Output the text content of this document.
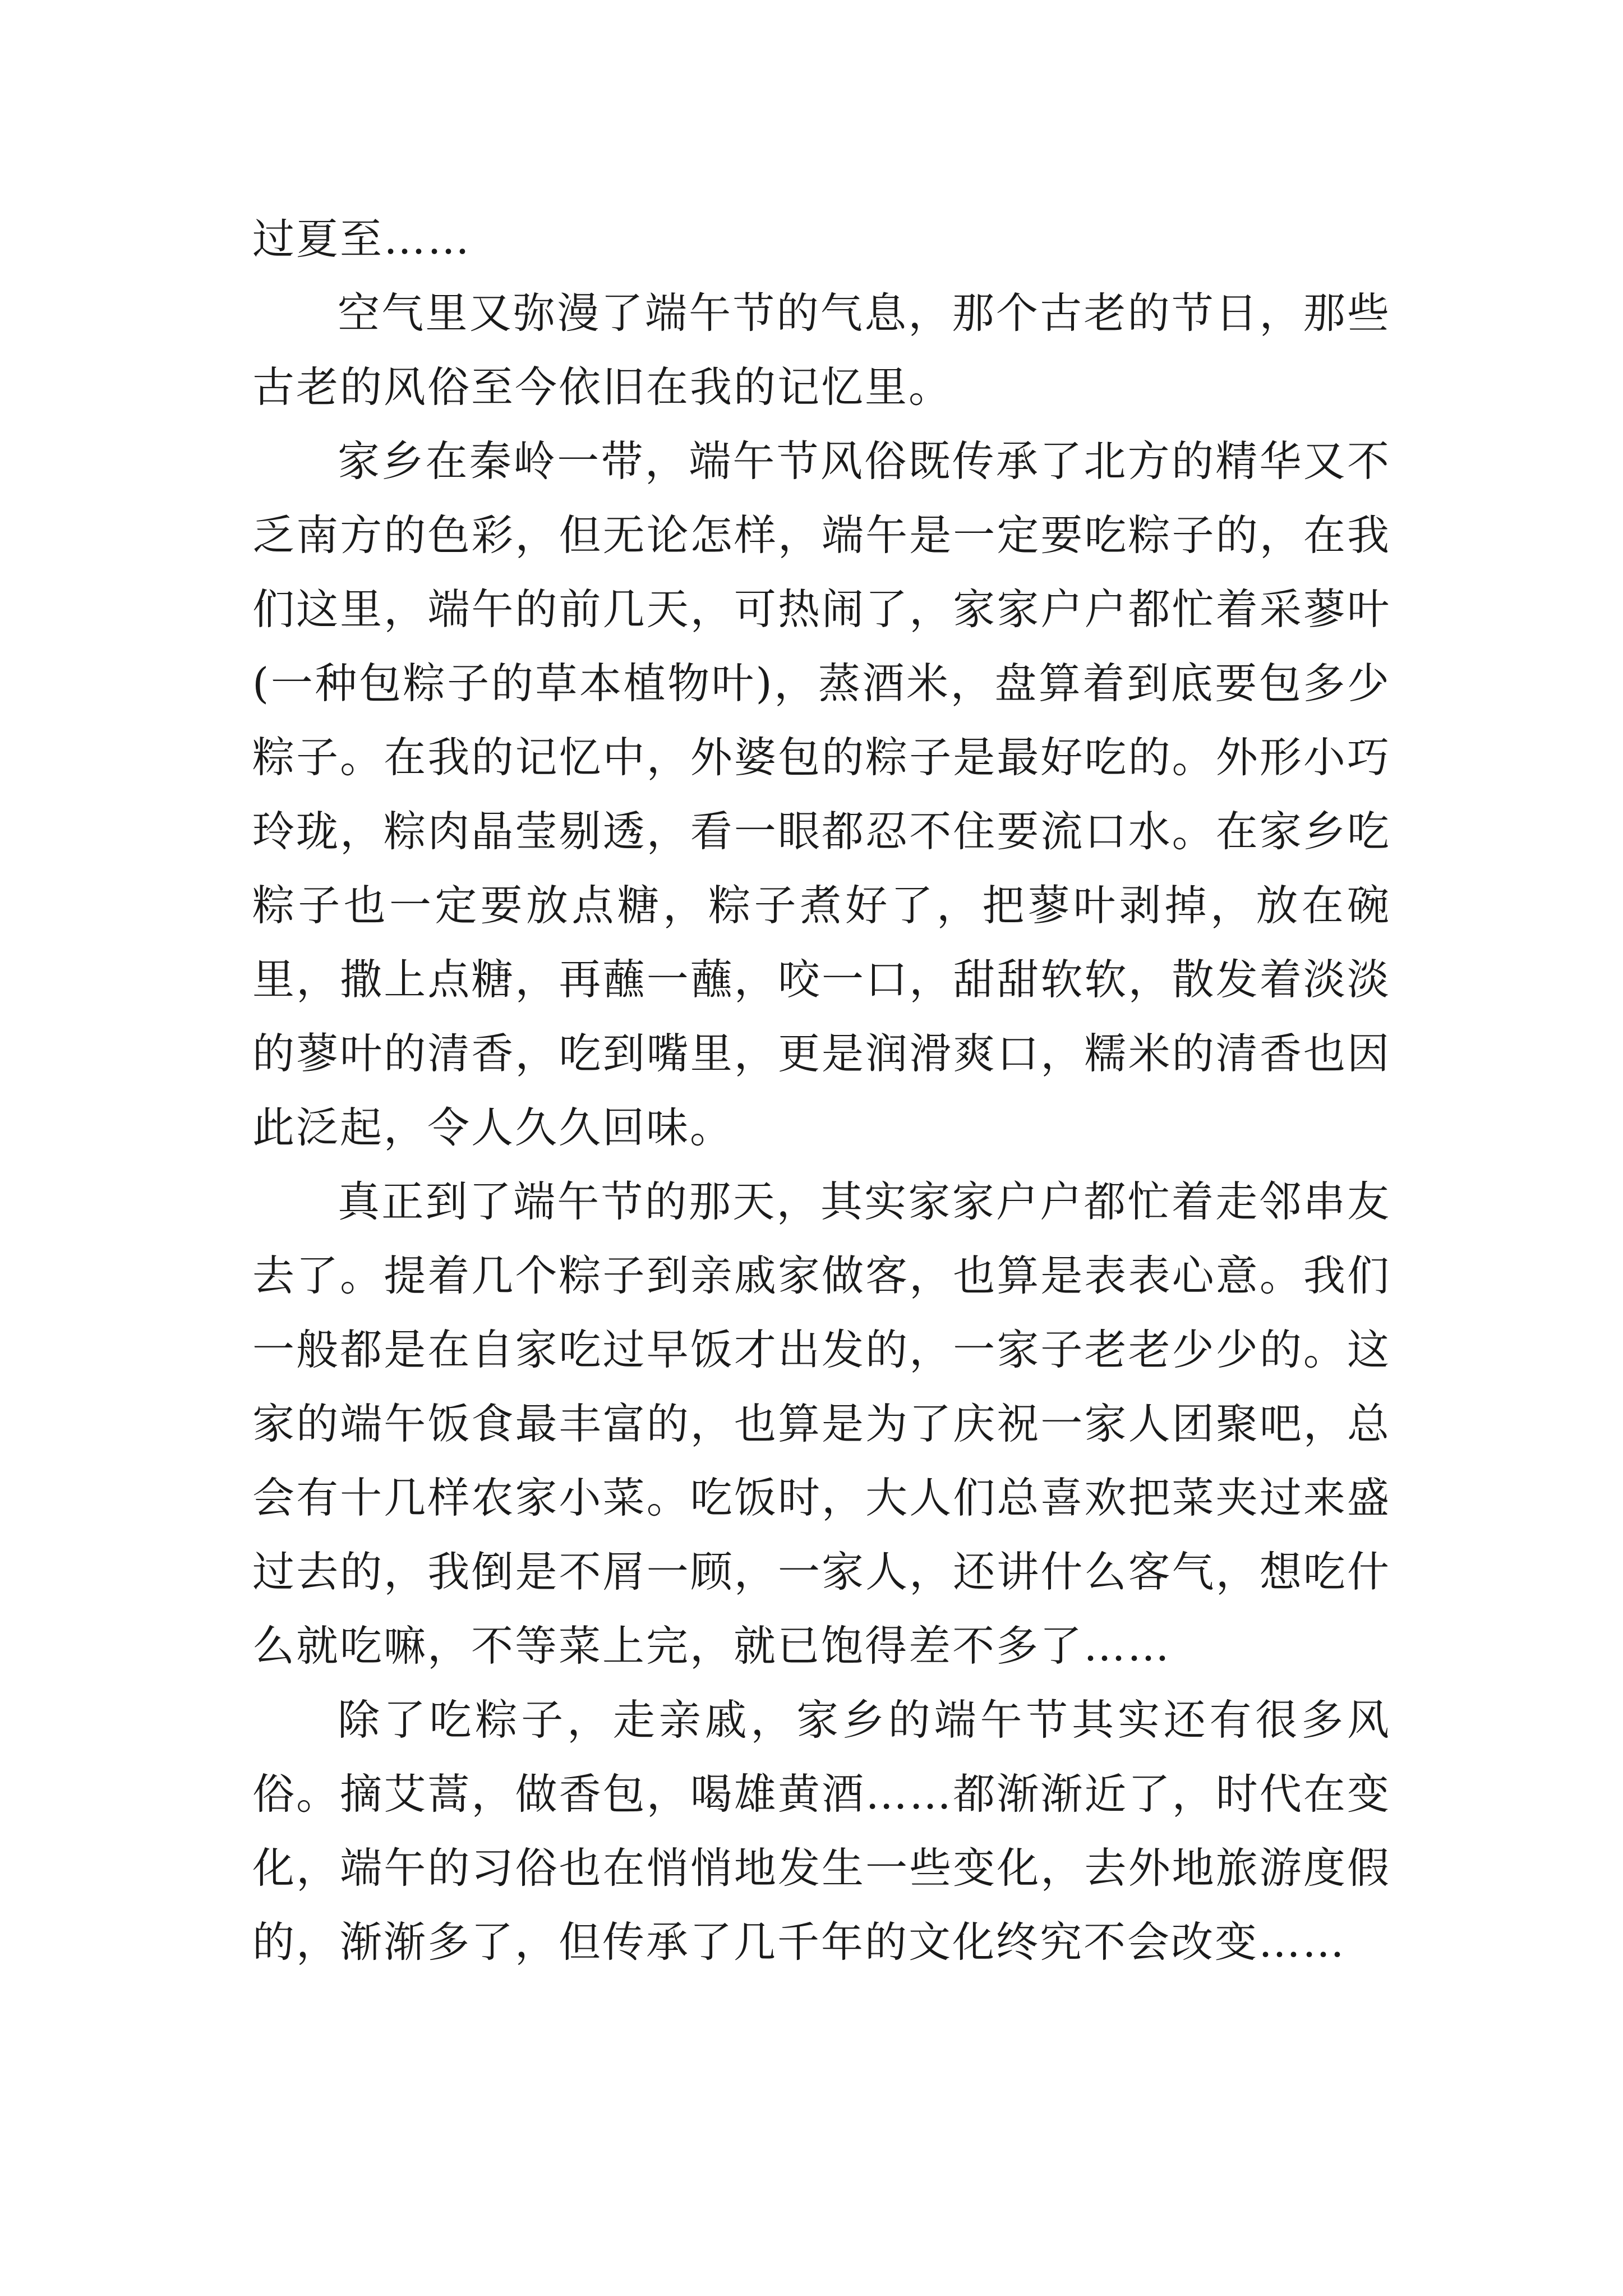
过夏至……

空气里又弥漫了端午节的气息，那个古老的节日，那些古老的风俗至今依旧在我的记忆里。

家乡在秦岭一带，端午节风俗既传承了北方的精华又不乏南方的色彩，但无论怎样，端午是一定要吃粽子的，在我们这里，端午的前几天，可热闹了，家家户户都忙着采蓼叶(一种包粽子的草本植物叶)，蒸酒米，盘算着到底要包多少粽子。在我的记忆中，外婆包的粽子是最好吃的。外形小巧玲珑，粽肉晶莹剔透，看一眼都忍不住要流口水。在家乡吃粽子也一定要放点糖，粽子煮好了，把蓼叶剥掉，放在碗里，撒上点糖，再蘸一蘸，咬一口，甜甜软软，散发着淡淡的蓼叶的清香，吃到嘴里，更是润滑爽口，糯米的清香也因此泛起，令人久久回味。

真正到了端午节的那天，其实家家户户都忙着走邻串友去了。提着几个粽子到亲戚家做客，也算是表表心意。我们一般都是在自家吃过早饭才出发的，一家子老老少少的。这家的端午饭食最丰富的，也算是为了庆祝一家人团聚吧，总会有十几样农家小菜。吃饭时，大人们总喜欢把菜夹过来盛过去的，我倒是不屑一顾，一家人，还讲什么客气，想吃什么就吃嘛，不等菜上完，就已饱得差不多了……

除了吃粽子，走亲戚，家乡的端午节其实还有很多风俗。摘艾蒿，做香包，喝雄黄酒……都渐渐近了，时代在变化，端午的习俗也在悄悄地发生一些变化，去外地旅游度假的，渐渐多了，但传承了几千年的文化终究不会改变……
